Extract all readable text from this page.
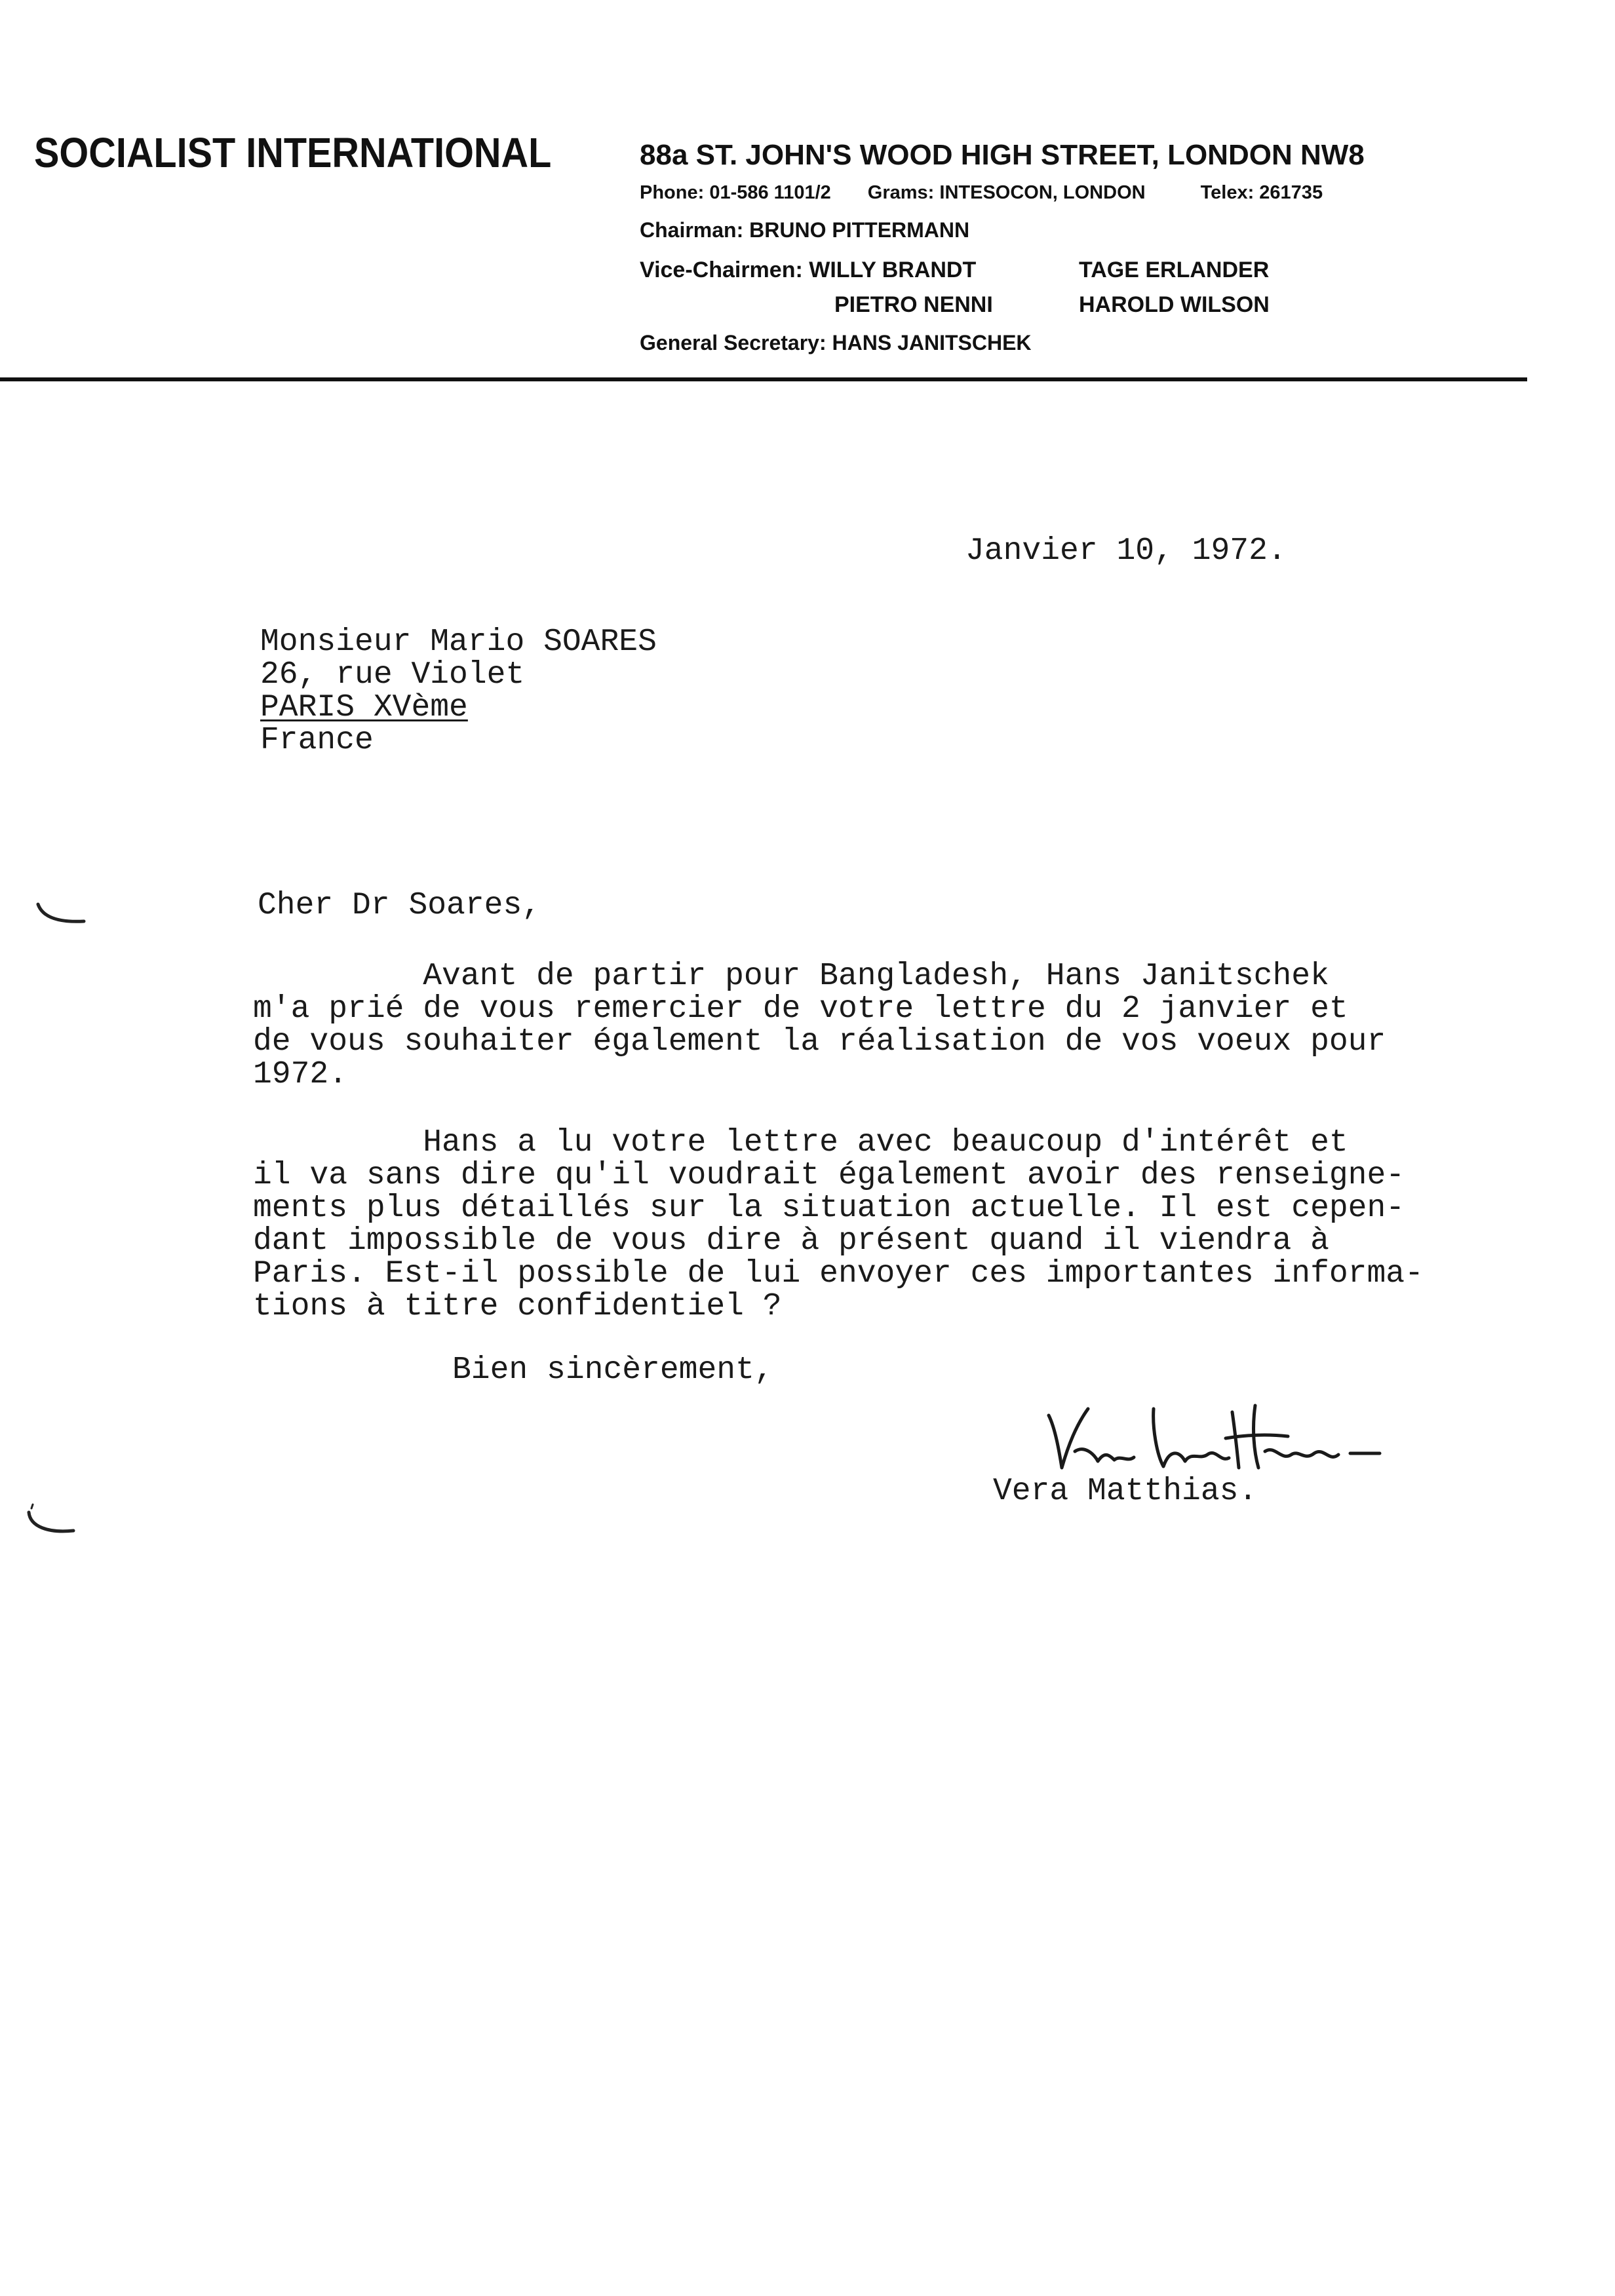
SOCIALIST INTERNATIONAL	88a ST. JOHN'S WOOD HIGH STREET, LONDON NW8
Phone: 01-586 1101/2 Grams: INTESOCON, LONDON	Telex: 261735
Chairman: BRUNO PITTERMANN
Vice-Chairmen: WILLY BRANDT	TAGE ERLANDER
PIETRO NENNI	HAROLD WILSON
General Secretary: HANS JANITSCHEK
Janvier 10, 1972.
Monsieur Mario SOARES
26, rue Violet
PARIS XVème
France
Cher Dr Soares,
Avant de partir pour Bangladesh, Hans Janitschek
m'a prié de vous remercier de votre lettre du 2 janvier et
de vous souhaiter également la réalisation de vos voeux pour
1972.
Hans a lu votre lettre avec beaucoup d'intérêt et
il va sans dire qu'il voudrait également avoir des renseigne-
ments plus détaillés sur la situation actuelle. Il est cepen-
dant impossible de vous dire à présent quand il viendra à
Paris. Est-il possible de lui envoyer ces importantes informa-
tions à titre confidentiel ?
Bien sincèrement,
Vera Matthias.
